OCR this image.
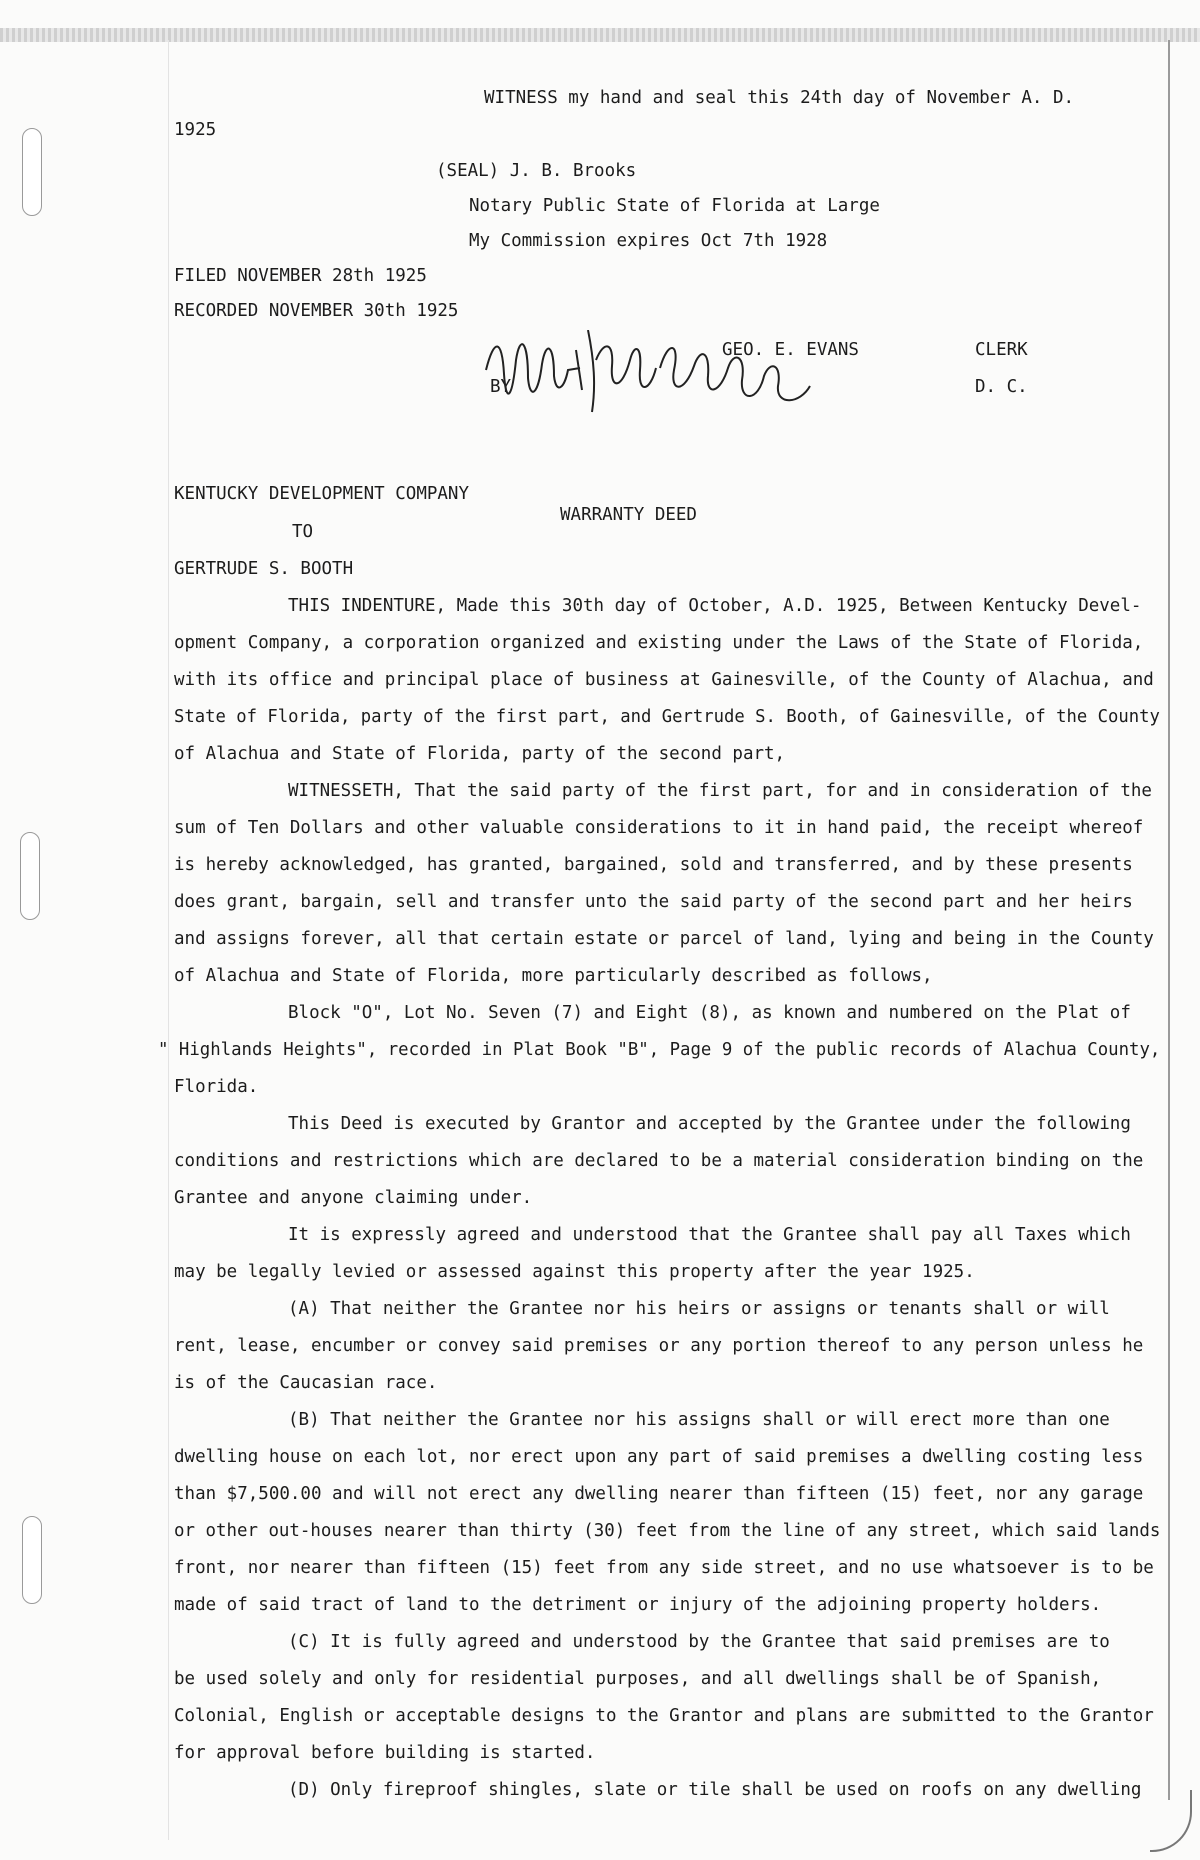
WITNESS my hand and seal this 24th day of November A. D.
1925
(SEAL) J. B. Brooks
Notary Public State of Florida at Large
My Commission expires Oct 7th 1928
FILED NOVEMBER 28th 1925
RECORDED NOVEMBER 30th 1925
GEO. E. EVANS	CLERK
BY	D. C.
KENTUCKY DEVELOPMENT COMPANY
WARRANTY DEED
TO
GERTRUDE S. BOOTH
THIS INDENTURE, Made this 30th day of October, A.D. 1925, Between Kentucky Devel-
opment Company, a corporation organized and existing under the Laws of the State of Florida,
with its office and principal place of business at Gainesville, of the County of Alachua, and
State of Florida, party of the first part, and Gertrude S. Booth, of Gainesville, of the County
of Alachua and State of Florida, party of the second part,
WITNESSETH, That the said party of the first part, for and in consideration of the
sum of Ten Dollars and other valuable considerations to it in hand paid, the receipt whereof
is hereby acknowledged, has granted, bargained, sold and transferred, and by these presents
does grant, bargain, sell and transfer unto the said party of the second part and her heirs
and assigns forever, all that certain estate or parcel of land, lying and being in the County
of Alachua and State of Florida, more particularly described as follows,
Block "O", Lot No. Seven (7) and Eight (8), as known and numbered on the Plat of
" Highlands Heights", recorded in Plat Book "B", Page 9 of the public records of Alachua County,
Florida.
This Deed is executed by Grantor and accepted by the Grantee under the following
conditions and restrictions which are declared to be a material consideration binding on the
Grantee and anyone claiming under.
It is expressly agreed and understood that the Grantee shall pay all Taxes which
may be legally levied or assessed against this property after the year 1925.
(A) That neither the Grantee nor his heirs or assigns or tenants shall or will
rent, lease, encumber or convey said premises or any portion thereof to any person unless he
is of the Caucasian race.
(B) That neither the Grantee nor his assigns shall or will erect more than one
dwelling house on each lot, nor erect upon any part of said premises a dwelling costing less
than $7,500.00 and will not erect any dwelling nearer than fifteen (15) feet, nor any garage
or other out-houses nearer than thirty (30) feet from the line of any street, which said lands
front, nor nearer than fifteen (15) feet from any side street, and no use whatsoever is to be
made of said tract of land to the detriment or injury of the adjoining property holders.
(C) It is fully agreed and understood by the Grantee that said premises are to
be used solely and only for residential purposes, and all dwellings shall be of Spanish,
Colonial, English or acceptable designs to the Grantor and plans are submitted to the Grantor
for approval before building is started.
(D) Only fireproof shingles, slate or tile shall be used on roofs on any dwelling
